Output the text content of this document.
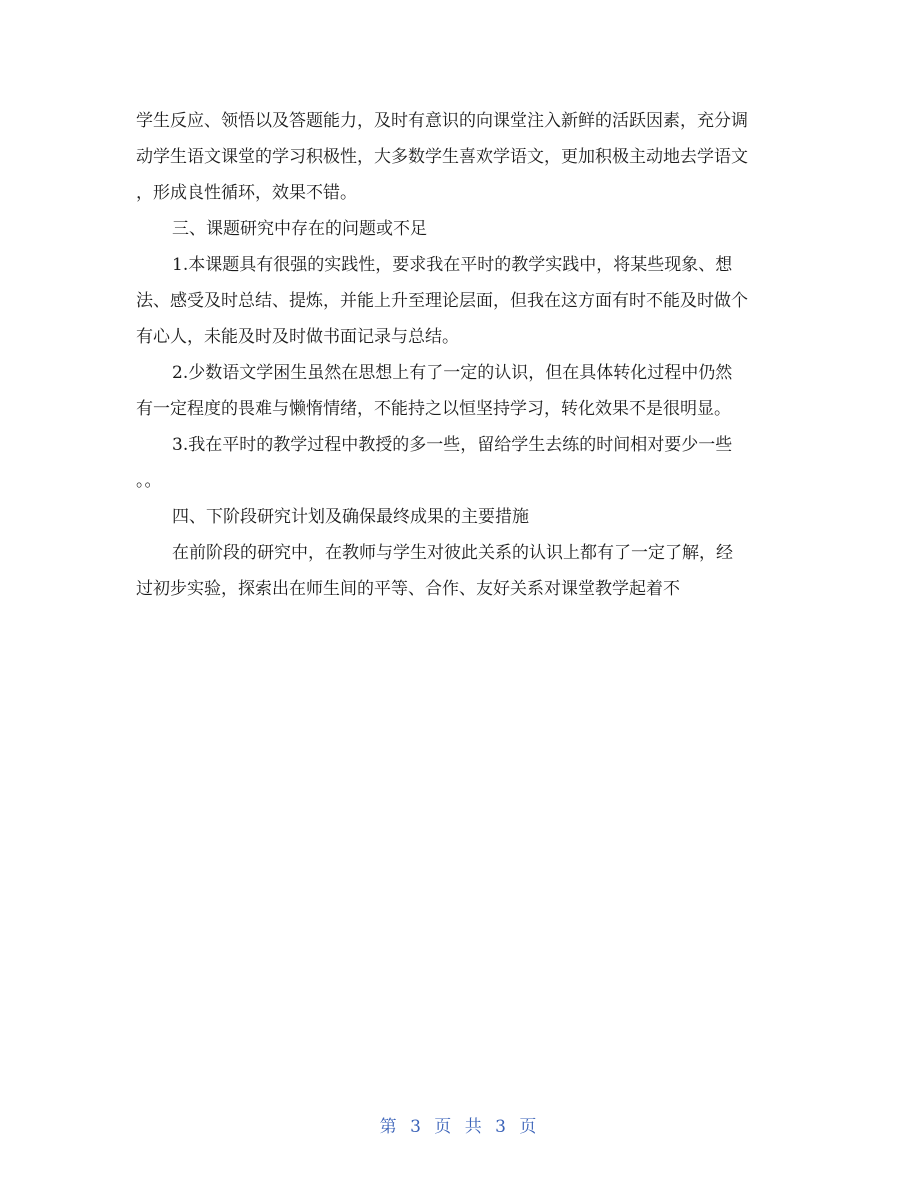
学生反应、领悟以及答题能力，及时有意识的向课堂注入新鲜的活跃因素，充分调
动学生语文课堂的学习积极性，大多数学生喜欢学语文，更加积极主动地去学语文
，形成良性循环，效果不错。
三、课题研究中存在的问题或不足
1.本课题具有很强的实践性，要求我在平时的教学实践中，将某些现象、想
法、感受及时总结、提炼，并能上升至理论层面，但我在这方面有时不能及时做个
有心人，未能及时及时做书面记录与总结。
2.少数语文学困生虽然在思想上有了一定的认识，但在具体转化过程中仍然
有一定程度的畏难与懒惰情绪，不能持之以恒坚持学习，转化效果不是很明显。
3.我在平时的教学过程中教授的多一些，留给学生去练的时间相对要少一些
。。
四、下阶段研究计划及确保最终成果的主要措施
在前阶段的研究中，在教师与学生对彼此关系的认识上都有了一定了解，经
过初步实验，探索出在师生间的平等、合作、友好关系对课堂教学起着不
第 3 页 共 3 页
